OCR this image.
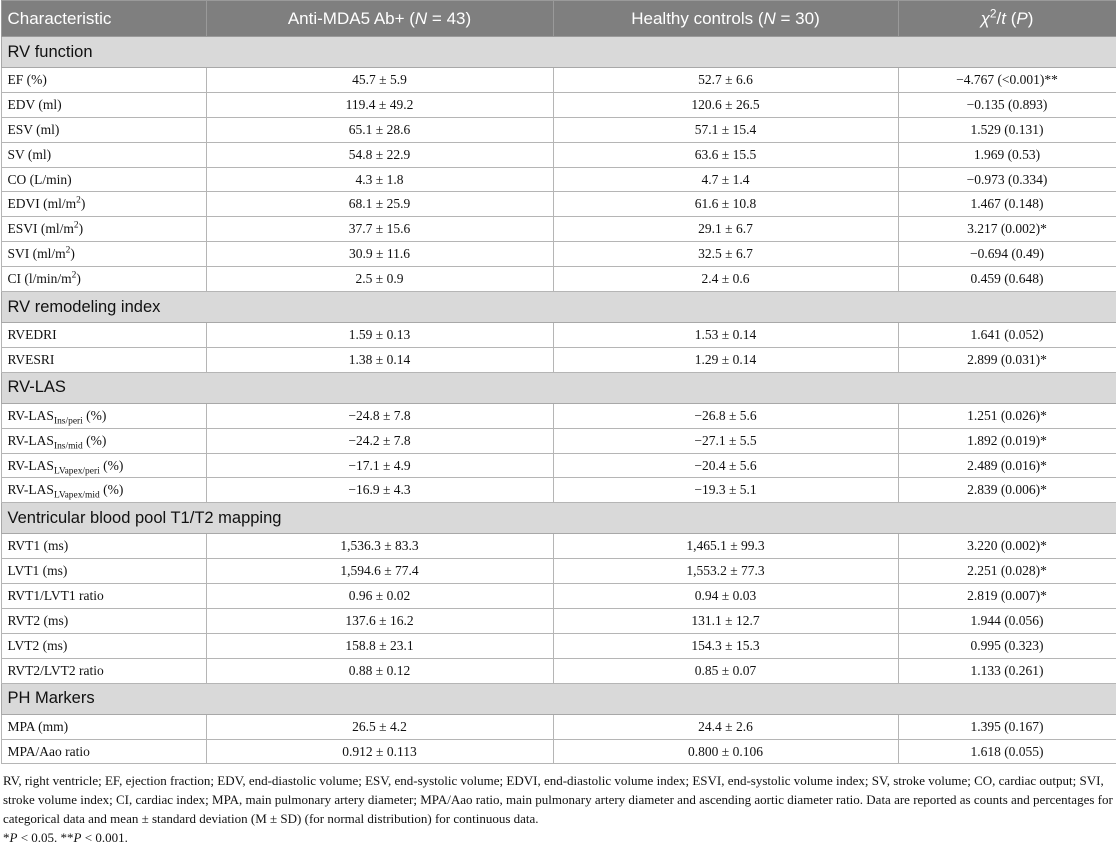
Characteristic	Anti-MDA5 Ab+ (N = 43)	Healthy controls (N = 30)	$\chi^2/t$ (P)
RV function			
EF (%)	45.7 ± 5.9	52.7 ± 6.6	−4.767 (<0.001)**
EDV (ml)	119.4 ± 49.2	120.6 ± 26.5	−0.135 (0.893)
ESV (ml)	65.1 ± 28.6	57.1 ± 15.4	1.529 (0.131)
SV (ml)	54.8 ± 22.9	63.6 ± 15.5	1.969 (0.53)
CO (L/min)	4.3 ± 1.8	4.7 ± 1.4	−0.973 (0.334)
EDVI $(ml/m^2)$	68.1 ± 25.9	61.6 ± 10.8	1.467 (0.148)
ESVI $(ml/m^2)$	37.7 ± 15.6	29.1 ± 6.7	3.217 (0.002)*
SVI $(ml/m^2)$	30.9 ± 11.6	32.5 ± 6.7	−0.694 (0.49)
CI $(l/\min/m^2)$	2.5 ± 0.9	2.4 ± 0.6	0.459 (0.648)
RV remodeling index			
RVEDRI	1.59 ± 0.13	1.53 ± 0.14	1.641 (0.052)
RVESRI	1.38 ± 0.14	1.29 ± 0.14	2.899 (0.031)*
RV-LAS			
$RV-LAS_{Ins/peri}$ (%)	−24.8 ± 7.8	−26.8 ± 5.6	1.251 (0.026)*
$RV-LAS_{Ins/mid}$ (%)	−24.2 ± 7.8	−27.1 ± 5.5	1.892 (0.019)*
$RV-LAS_{LVapex/peri}$ (%)	−17.1 ± 4.9	−20.4 ± 5.6	2.489 (0.016)*
$RV-LAS_{LVapex/mid}$ (%)	−16.9 ± 4.3	−19.3 ± 5.1	2.839 (0.006)*
Ventricular blood pool T1/T2 mapping			
RVT1 (ms)	1,536.3 ± 83.3	1,465.1 ± 99.3	3.220 (0.002)*
LVT1 (ms)	1,594.6 ± 77.4	1,553.2 ± 77.3	2.251 (0.028)*
RVT1/LVT1 ratio	0.96 ± 0.02	0.94 ± 0.03	2.819 (0.007)*
RVT2 (ms)	137.6 ± 16.2	131.1 ± 12.7	1.944 (0.056)
LVT2 (ms)	158.8 ± 23.1	154.3 ± 15.3	0.995 (0.323)
RVT2/LVT2 ratio	0.88 ± 0.12	0.85 ± 0.07	1.133 (0.261)
PH Markers			
MPA (mm)	26.5 ± 4.2	24.4 ± 2.6	1.395 (0.167)
MPA/Aao ratio	0.912 ± 0.113	0.800 ± 0.106	1.618 (0.055)

RV, right ventricle; EF, ejection fraction; EDV, end-diastolic volume; ESV, end-systolic volume; EDVI, end-diastolic volume index; ESVI, end-systolic volume index; SV, stroke volume; CO, cardiac output; SVI, stroke volume index; CI, cardiac index; MPA, main pulmonary artery diameter; MPA/Aao ratio, main pulmonary artery diameter and ascending aortic diameter ratio. Data are reported as counts and percentages for categorical data and mean ± standard deviation (M ± SD) (for normal distribution) for continuous data.

*P < 0.05. **P < 0.001.
